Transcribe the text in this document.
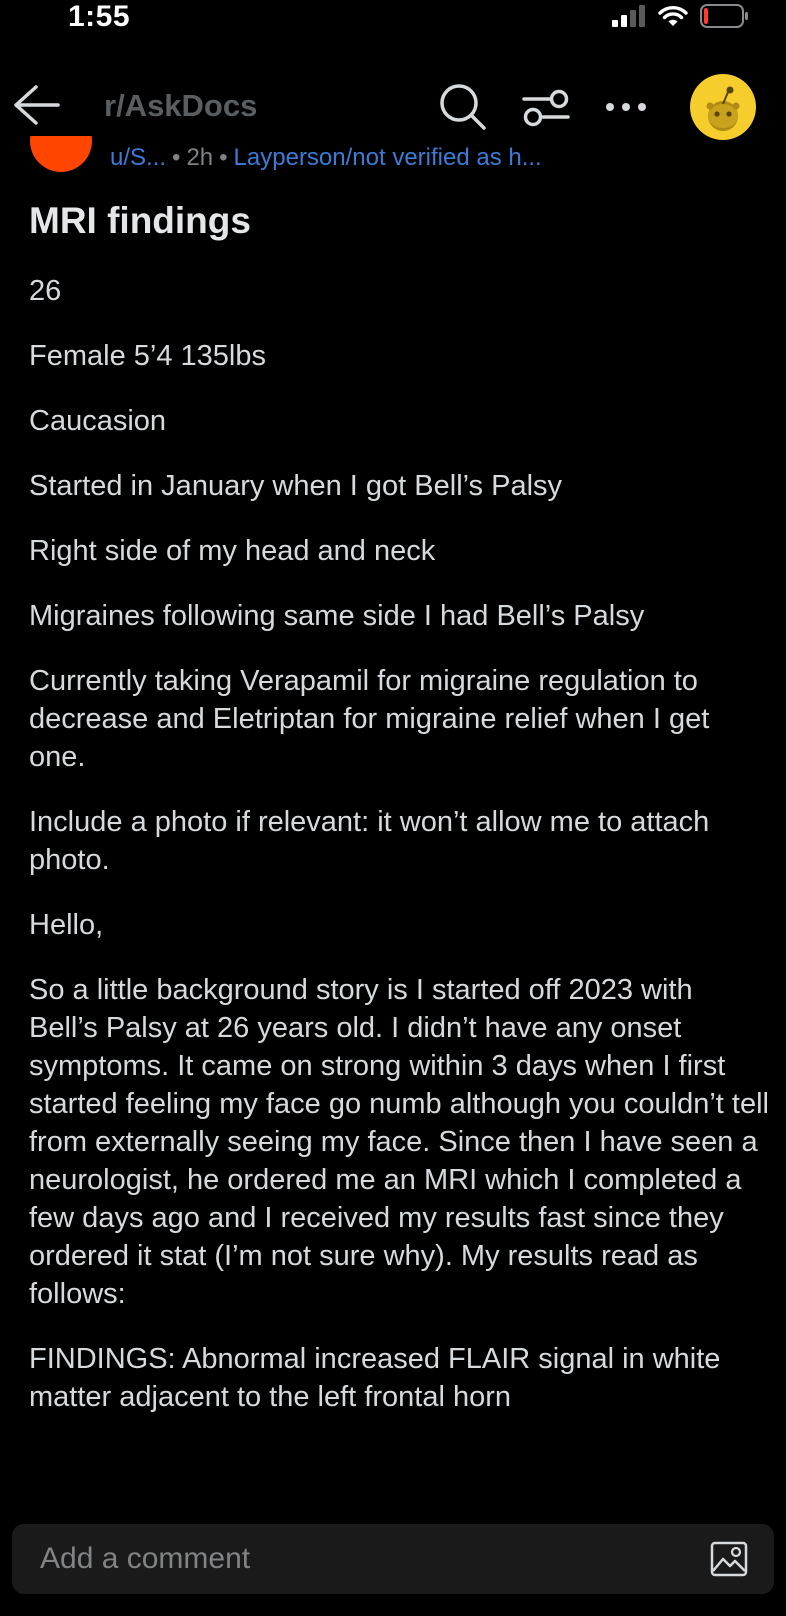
1:55
r/AskDocs
u/S... • 2h • Layperson/not verified as h...
MRI findings

26

Female 5’4 135lbs

Caucasion

Started in January when I got Bell’s Palsy

Right side of my head and neck

Migraines following same side I had Bell’s Palsy

Currently taking Verapamil for migraine regulation to decrease and Eletriptan for migraine relief when I get one.

Include a photo if relevant: it won’t allow me to attach photo.

Hello,

So a little background story is I started off 2023 with Bell’s Palsy at 26 years old. I didn’t have any onset symptoms. It came on strong within 3 days when I first started feeling my face go numb although you couldn’t tell from externally seeing my face. Since then I have seen a neurologist, he ordered me an MRI which I completed a few days ago and I received my results fast since they ordered it stat (I’m not sure why). My results read as follows:

FINDINGS: Abnormal increased FLAIR signal in white matter adjacent to the left frontal horn

Add a comment
